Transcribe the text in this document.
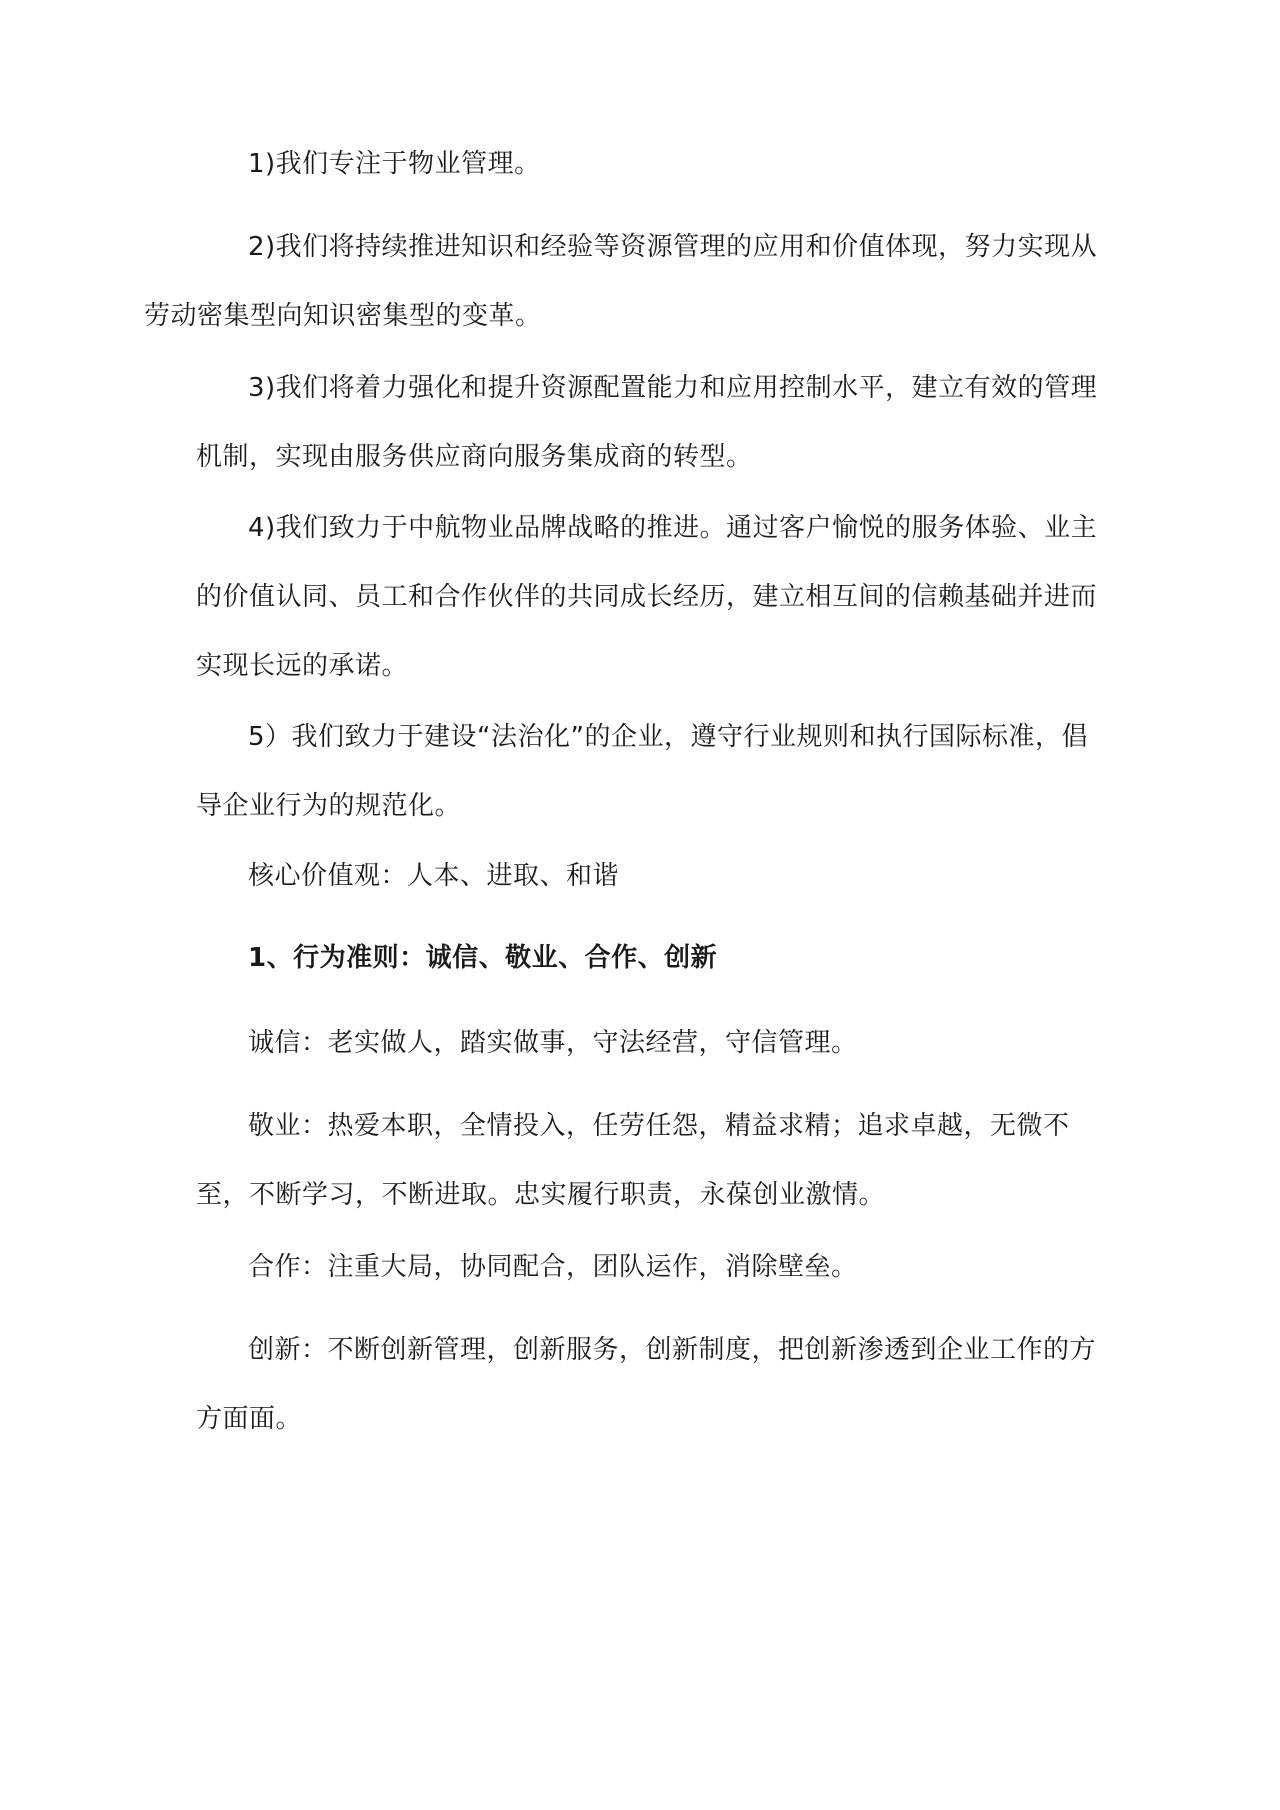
1)我们专注于物业管理。

2)我们将持续推进知识和经验等资源管理的应用和价值体现，努力实现从
劳动密集型向知识密集型的变革。

3)我们将着力强化和提升资源配置能力和应用控制水平，建立有效的管理
机制，实现由服务供应商向服务集成商的转型。

4)我们致力于中航物业品牌战略的推进。通过客户愉悦的服务体验、业主
的价值认同、员工和合作伙伴的共同成长经历，建立相互间的信赖基础并进而
实现长远的承诺。

5）我们致力于建设“法治化”的企业，遵守行业规则和执行国际标准，倡
导企业行为的规范化。

核心价值观：人本、进取、和谐

1、行为准则：诚信、敬业、合作、创新

诚信：老实做人，踏实做事，守法经营，守信管理。

敬业：热爱本职，全情投入，任劳任怨，精益求精；追求卓越，无微不
至，不断学习，不断进取。忠实履行职责，永葆创业激情。

合作：注重大局，协同配合，团队运作，消除壁垒。

创新：不断创新管理，创新服务，创新制度，把创新渗透到企业工作的方
方面面。
